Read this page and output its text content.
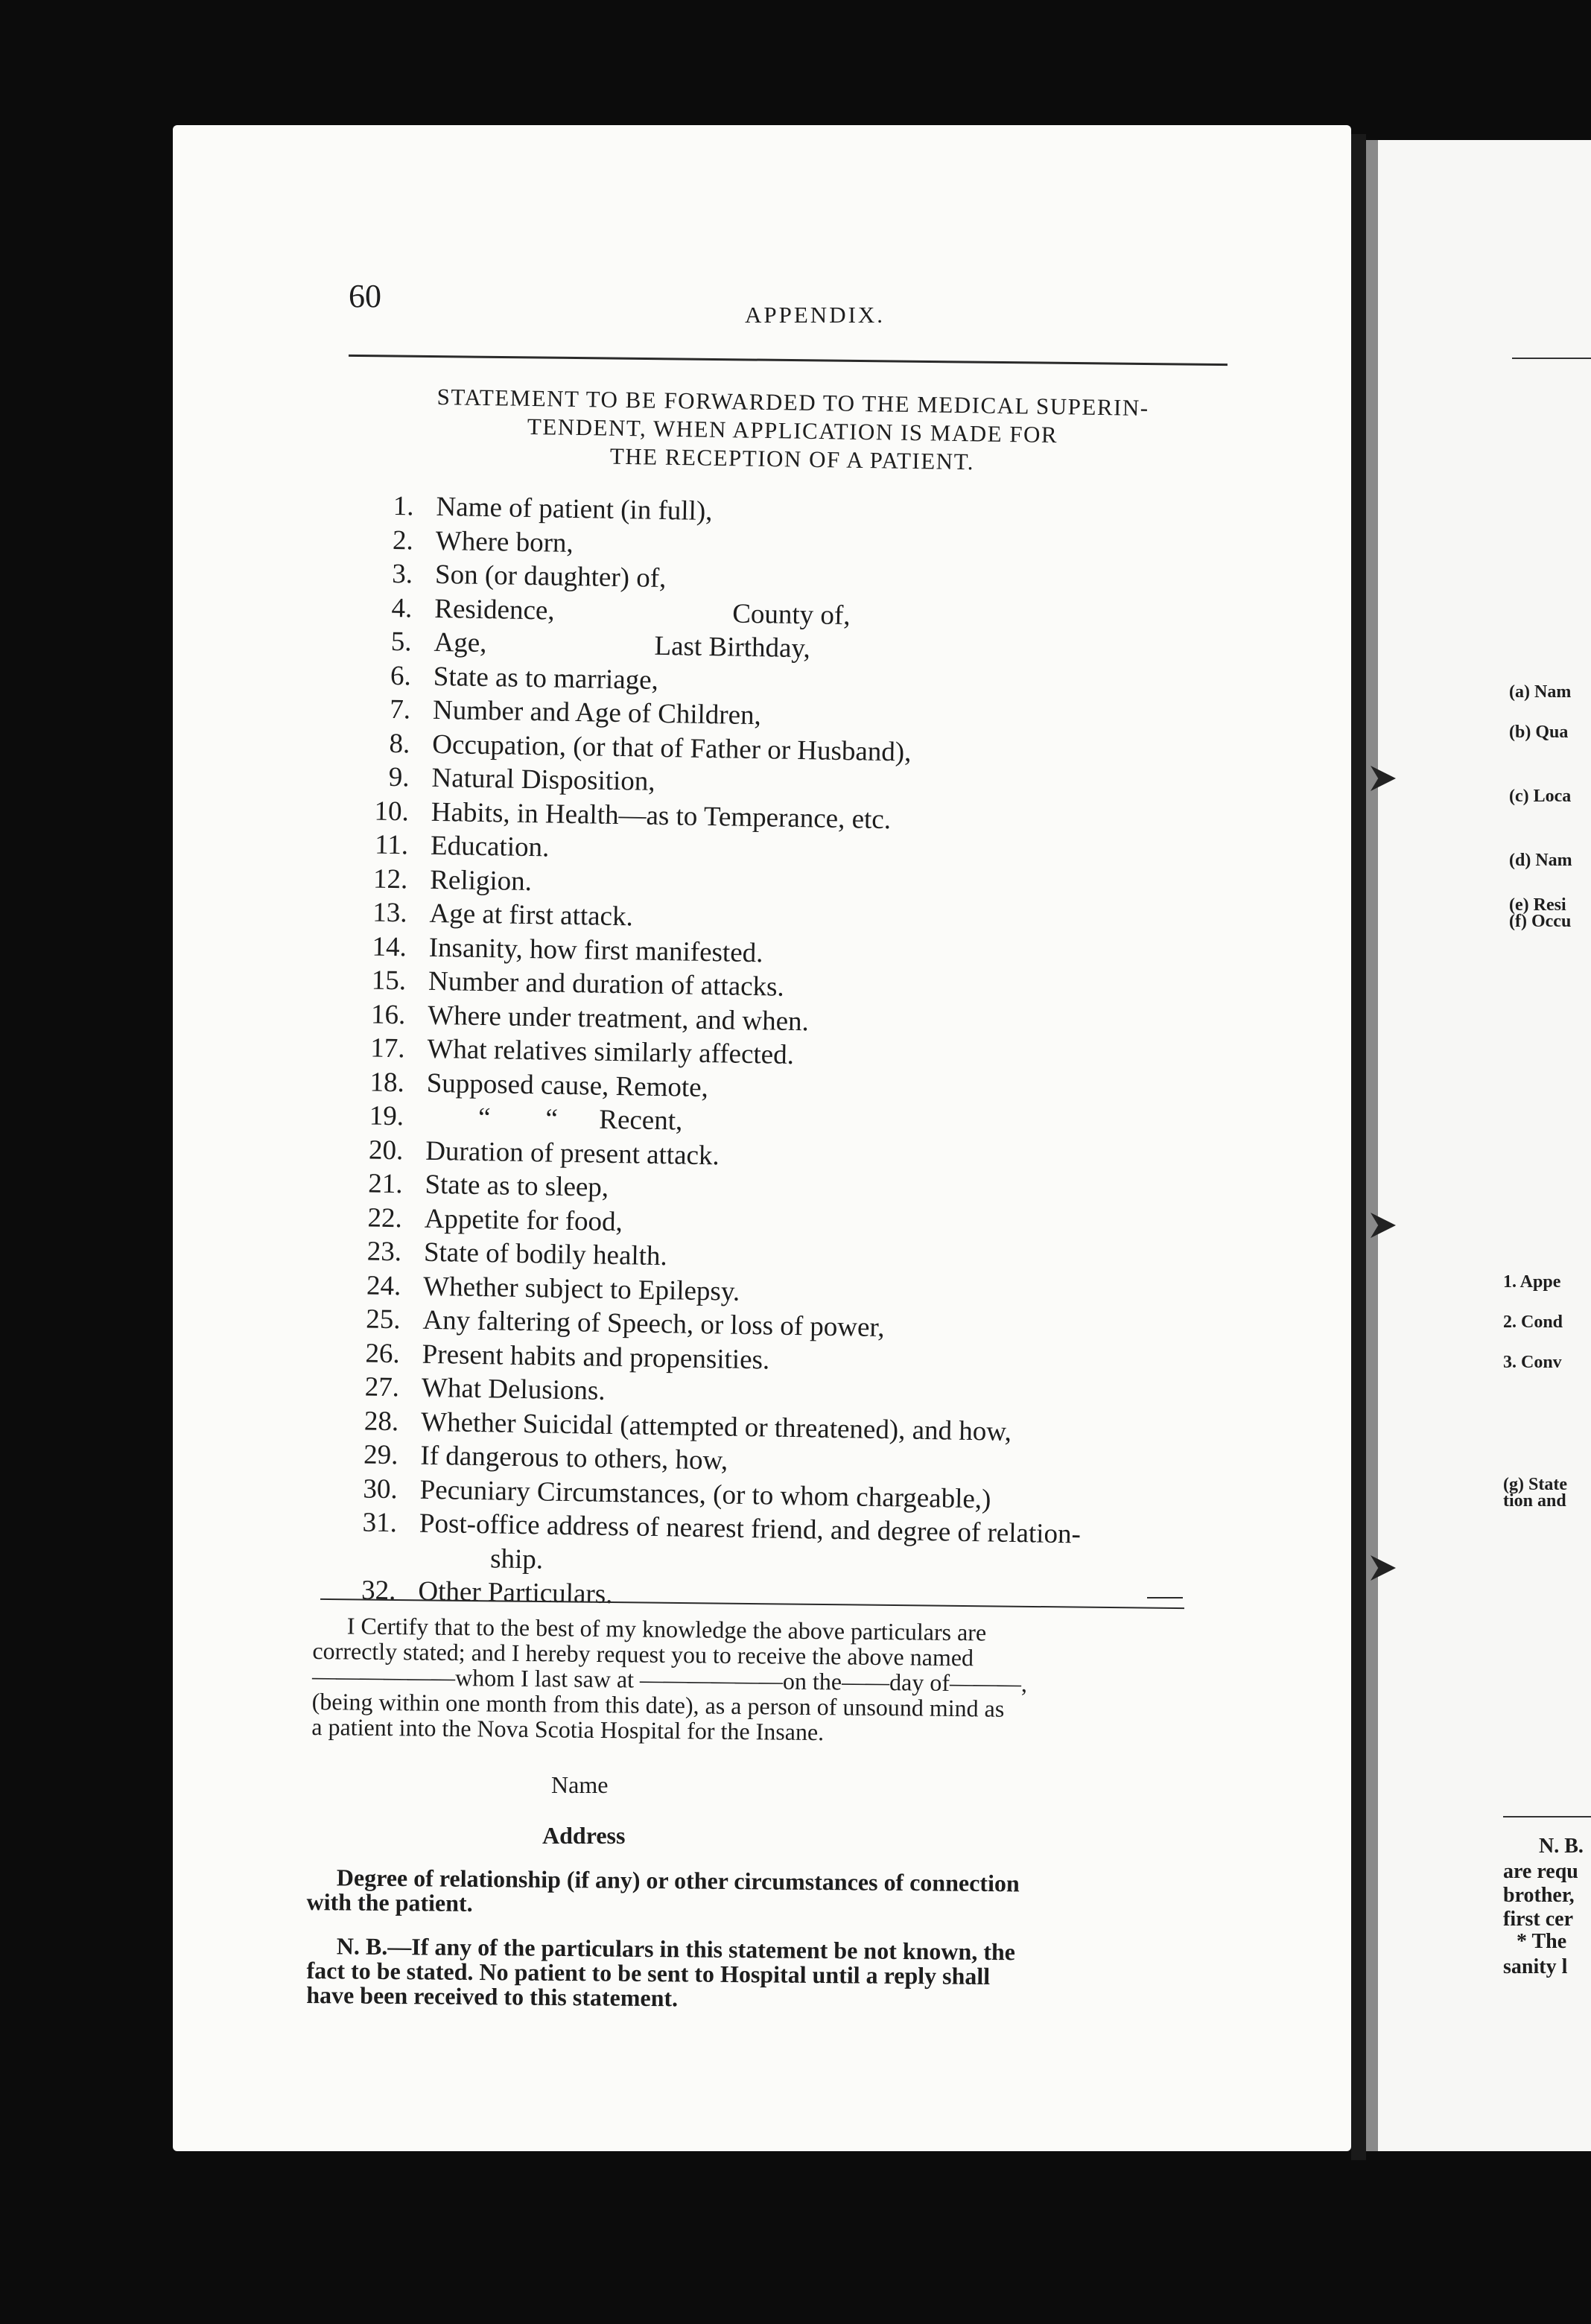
(a) Nam
(b) Qua
(c) Loca
(d) Nam
(e) Resi
(f) Occu
1. Appe
2. Cond
3. Conv
(g) State
tion and
N. B.
are requ
brother,
first cer
* The
sanity l
60
APPENDIX.
STATEMENT TO BE FORWARDED TO THE MEDICAL SUPERIN-
TENDENT, WHEN APPLICATION IS MADE FOR
THE RECEPTION OF A PATIENT.
1. Name of patient (in full),
2. Where born,
3. Son (or daughter) of,
4. Residence,	County of,
5. Age,	Last Birthday,
6. State as to marriage,
7. Number and Age of Children,
8. Occupation, (or that of Father or Husband),
9. Natural Disposition,
10. Habits, in Health—as to Temperance, etc.
11. Education.
12. Religion.
13. Age at first attack.
14. Insanity, how first manifested.
15. Number and duration of attacks.
16. Where under treatment, and when.
17. What relatives similarly affected.
18. Supposed cause, Remote,
19.	“        “      Recent,
20. Duration of present attack.
21. State as to sleep,
22. Appetite for food,
23. State of bodily health.
24. Whether subject to Epilepsy.
25. Any faltering of Speech, or loss of power,
26. Present habits and propensities.
27. What Delusions.
28. Whether Suicidal (attempted or threatened), and how,
29. If dangerous to others, how,
30. Pecuniary Circumstances, (or to whom chargeable,)
31. Post-office address of nearest friend, and degree of relation-
ship.
32. Other Particulars.

I Certify that to the best of my knowledge the above particulars are

correctly stated; and I hereby request you to receive the above named
——————whom I last saw at ——————on the——day of———,
(being within one month from this date), as a person of unsound mind as
a patient into the Nova Scotia Hospital for the Insane.
Name
Address

Degree of relationship (if any) or other circumstances of connection

with the patient.

N. B.—If any of the particulars in this statement be not known, the

fact to be stated. No patient to be sent to Hospital until a reply shall
have been received to this statement.
